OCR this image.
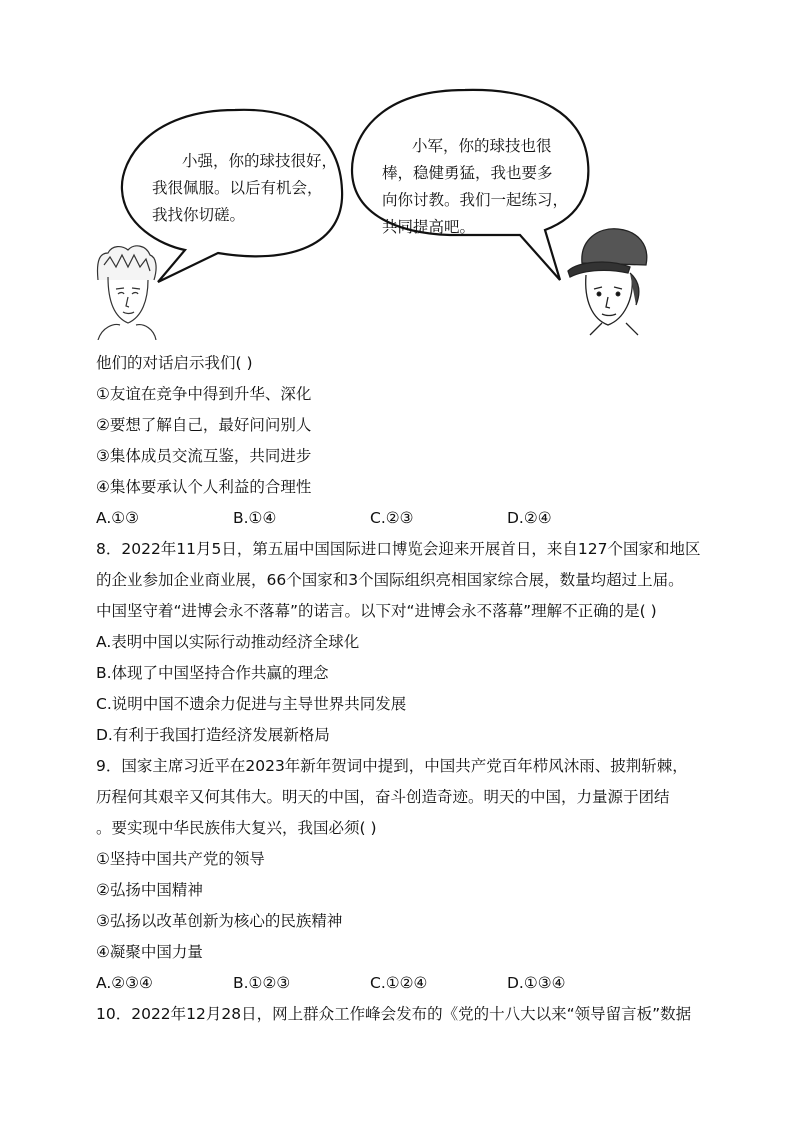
小强，你的球技很好，
我很佩服。以后有机会，
我找你切磋。
小军，你的球技也很
棒，稳健勇猛，我也要多
向你讨教。我们一起练习，
共同提高吧。
他们的对话启示我们( )
①友谊在竞争中得到升华、深化
②要想了解自己，最好问问别人
③集体成员交流互鉴，共同进步
④集体要承认个人利益的合理性
A.①③	B.①④	C.②③	D.②④
8．2022年11月5日，第五届中国国际进口博览会迎来开展首日，来自127个国家和地区
的企业参加企业商业展，66个国家和3个国际组织亮相国家综合展，数量均超过上届。
中国坚守着“进博会永不落幕”的诺言。以下对“进博会永不落幕”理解不正确的是( )
A.表明中国以实际行动推动经济全球化
B.体现了中国坚持合作共赢的理念
C.说明中国不遗余力促进与主导世界共同发展
D.有利于我国打造经济发展新格局
9．国家主席习近平在2023年新年贺词中提到，中国共产党百年栉风沐雨、披荆斩棘，
历程何其艰辛又何其伟大。明天的中国，奋斗创造奇迹。明天的中国，力量源于团结
。要实现中华民族伟大复兴，我国必须( )
①坚持中国共产党的领导
②弘扬中国精神
③弘扬以改革创新为核心的民族精神
④凝聚中国力量
A.②③④	B.①②③	C.①②④	D.①③④
10．2022年12月28日，网上群众工作峰会发布的《党的十八大以来“领导留言板”数据
